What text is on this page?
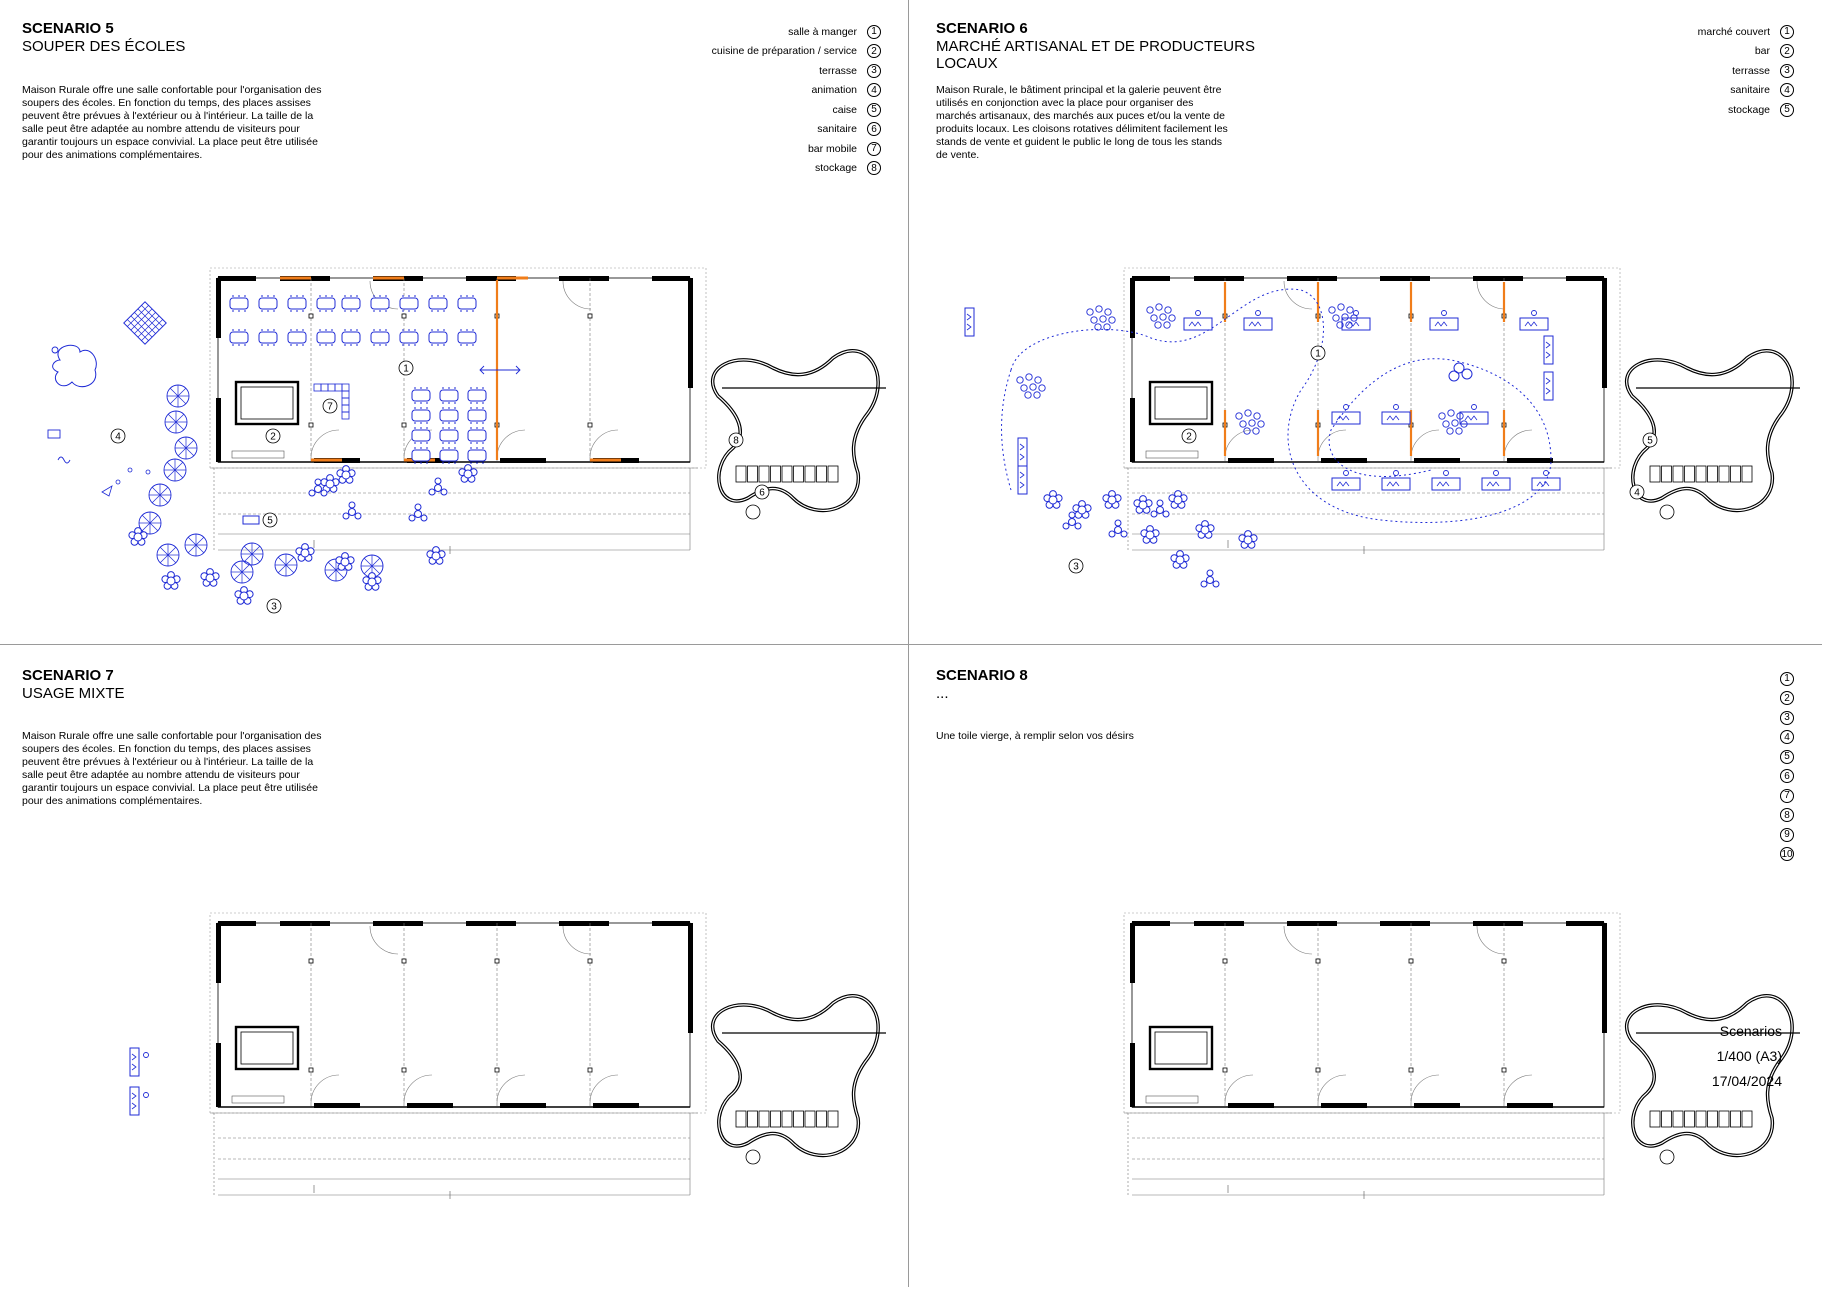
SCENARIO 5
SOUPER DES ÉCOLES
Maison Rurale offre une salle confortable pour l'organisation des soupers des écoles. En fonction du temps, des places assises peuvent être prévues à l'extérieur ou à l'intérieur. La taille de la salle peut être adaptée au nombre attendu de visiteurs pour garantir toujours un espace convivial. La place peut être utilisée pour des animations complémentaires.
salle à manger	1
cuisine de préparation / service	2
terrasse	3
animation	4
caise	5
sanitaire	6
bar mobile	7
stockage	8
1
2
3
4
5
6
7
8
SCENARIO 6
MARCHÉ ARTISANAL ET DE PRODUCTEURS LOCAUX
Maison Rurale, le bâtiment principal et la galerie peuvent être utilisés en conjonction avec la place pour organiser des marchés artisanaux, des marchés aux puces et/ou la vente de produits locaux. Les cloisons rotatives délimitent facilement les stands de vente et guident le public le long de tous les stands de vente.
marché couvert	1
bar	2
terrasse	3
sanitaire	4
stockage	5
1
2
3
4
5
SCENARIO 7
USAGE MIXTE
Maison Rurale offre une salle confortable pour l'organisation des soupers des écoles. En fonction du temps, des places assises peuvent être prévues à l'extérieur ou à l'intérieur. La taille de la salle peut être adaptée au nombre attendu de visiteurs pour garantir toujours un espace convivial. La place peut être utilisée pour des animations complémentaires.
SCENARIO 8
...
Une toile vierge, à remplir selon vos désirs
1
2
3
4
5
6
7
8
9
10
Scenarios
1/400 (A3)
17/04/2024
